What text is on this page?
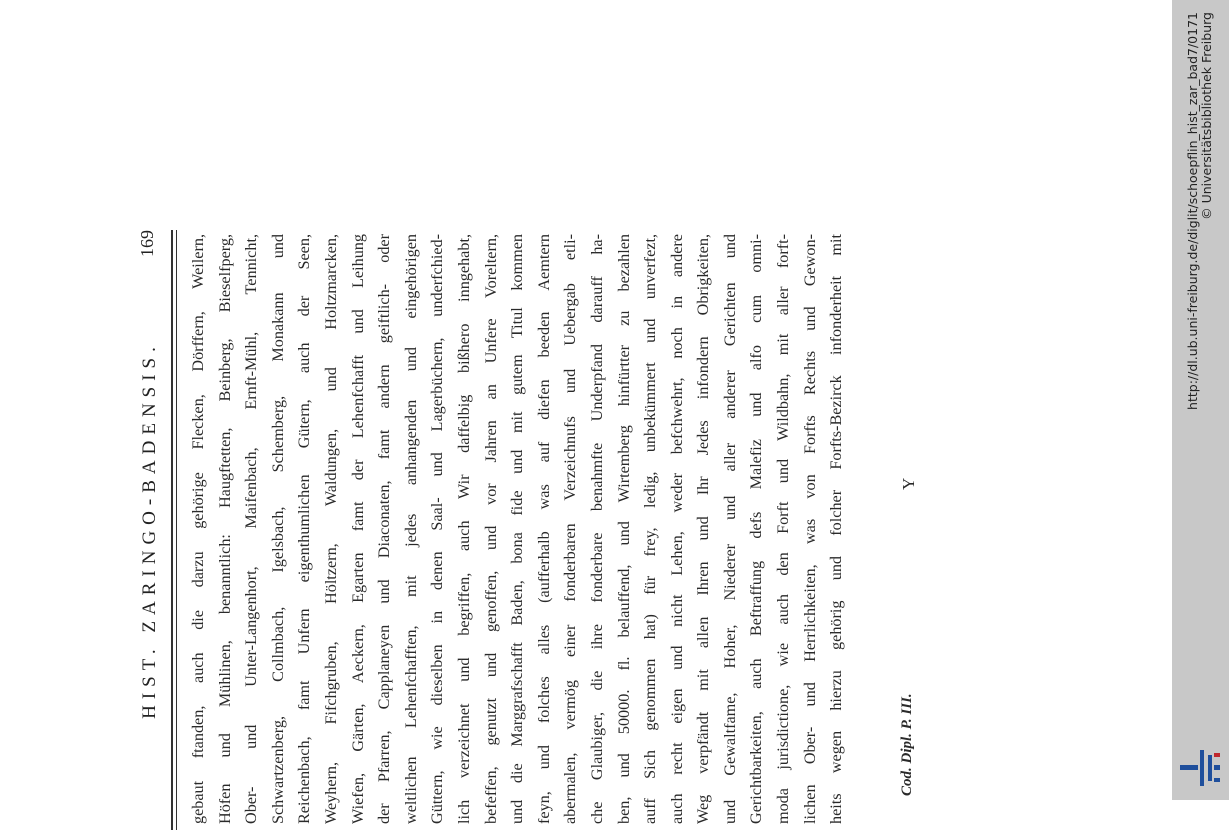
HIST. ZARINGO-BADENSIS.
169 gebaut ftanden, auch die darzu gehörige Flecken, Dörffern, Weilern, Höfen und Mühlinen, benanntlich: Haugftetten, Beinberg, Bieselfperg, Ober- und Unter-Langenhort, Maifenbach, Ernft-Mühl, Tennicht, Schwartzenberg, Collmbach, Igelsbach, Schemberg, Monakann und Reichenbach, famt Unfern eigenthumlichen Gütern, auch der Seen, Weyhern, Fifchgruben, Höltzern, Waldungen, und Holtzmarcken, Wiefen, Gärten, Aeckern, Egarten famt der Lehenfchafft und Leihung der Pfarren, Capplaneyen und Diaconaten, famt andern geiftlich- oder weltlichen Lehenfchafften, mit jedes anhangenden und eingehörigen Güttern, wie dieselben in denen Saal- und Lagerbüchern, underfchied- lich verzeichnet und begriffen, auch Wir daffelbig bißhero inngehabt, befeffen, genutzt und genoffen, und vor Jahren an Unfere Voreltern, und die Marggrafschafft Baden, bona fide und mit gutem Titul kommen feyn, und folches alles (aufferhalb was auf diefen beeden Aemtern abermalen, vermög einer fonderbaren Verzeichnufs und Uebergab etli- che Glaubiger, die ihre fonderbare benahmfte Underpfand darauff ha- ben, und 50000. fl. belauffend, und Wirtemberg hinfürtter zu bezahlen auff Sich genommen hat) für frey, ledig, unbekümmert und unverfezt, auch recht eigen und nicht Lehen, weder befchwehrt, noch in andere Weg verpfändt mit allen Ihren und Ihr Jedes infondern Obrigkeiten, und Gewaltfame, Hoher, Niederer und aller anderer Gerichten und Gerichtbarkeiten, auch Beftraffung defs Malefiz und alfo cum omni- moda jurisdictione, wie auch den Forft und Wildbahn, mit aller forft- lichen Ober- und Herrlichkeiten, was von Forfts Rechts und Gewon- heits wegen hierzu gehörig und folcher Forfts-Bezirck infonderheit mit	Cod. Dipl. P. III.
Y
http://dl.ub.uni-freiburg.de/diglit/schoepflin_hist_zar_bad7/0171 © Universitätsbibliothek Freiburg
